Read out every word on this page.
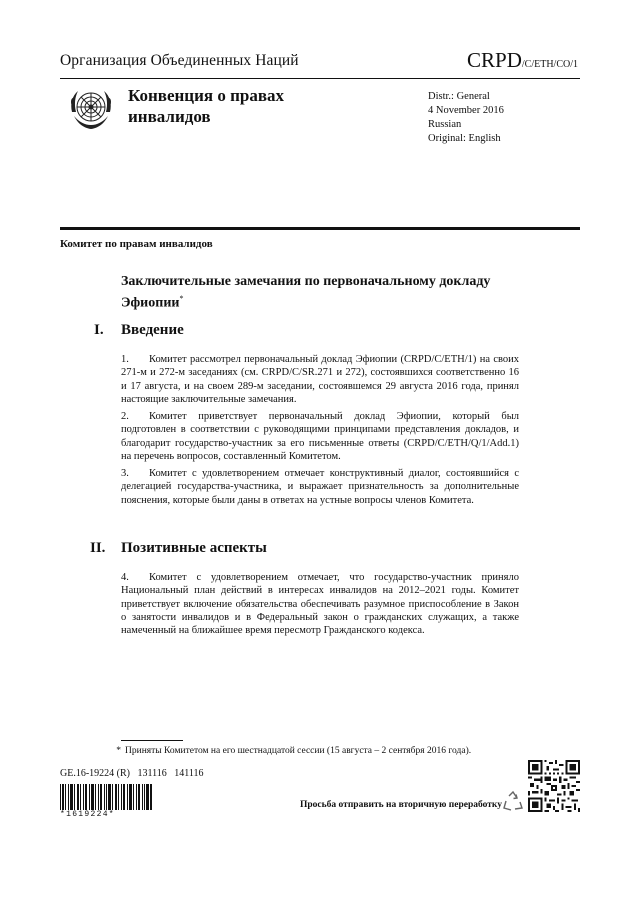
Организация Объединенных Наций	CRPD/C/ETH/CO/1
Конвенция о правах инвалидов
Distr.: General
4 November 2016
Russian
Original: English
Комитет по правам инвалидов
Заключительные замечания по первоначальному докладу Эфиопии*
I. Введение

1. Комитет рассмотрел первоначальный доклад Эфиопии (CRPD/C/ETH/1) на своих 271-м и 272-м заседаниях (см. CRPD/C/SR.271 и 272), состоявшихся соответственно 16 и 17 августа, и на своем 289-м заседании, состоявшемся 29 августа 2016 года, принял настоящие заключительные замечания.

2. Комитет приветствует первоначальный доклад Эфиопии, который был подготовлен в соответствии с руководящими принципами представления докладов, и благодарит государство-участник за его письменные ответы (CRPD/C/ETH/Q/1/Add.1) на перечень вопросов, составленный Комитетом.

3. Комитет с удовлетворением отмечает конструктивный диалог, состоявшийся с делегацией государства-участника, и выражает признательность за дополнительные пояснения, которые были даны в ответах на устные вопросы членов Комитета.

II. Позитивные аспекты

4. Комитет с удовлетворением отмечает, что государство-участник приняло Национальный план действий в интересах инвалидов на 2012–2021 годы. Комитет приветствует включение обязательства обеспечивать разумное приспособление в Закон о занятости инвалидов и в Федеральный закон о гражданских служащих, а также намеченный на ближайшее время пересмотр Гражданского кодекса.

* Приняты Комитетом на его шестнадцатой сессии (15 августа – 2 сентября 2016 года).
GE.16-19224 (R)   131116   141116
*1619224*
Просьба отправить на вторичную переработку
